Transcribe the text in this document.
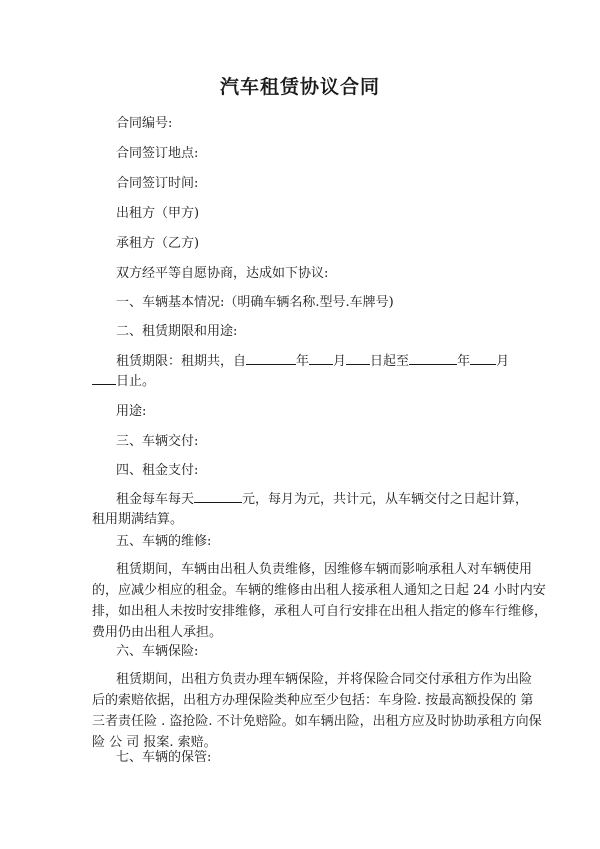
汽车租赁协议合同
合同编号:
合同签订地点:
合同签订时间:
出租方（甲方)
承租方（乙方)
双方经平等自愿协商，达成如下协议:
一、车辆基本情况:（明确车辆名称.型号.车牌号)
二、租赁期限和用途:
租赁期限：租期共，自	年 月 日起至	年 月
日止。
用途:
三、车辆交付:
四、租金支付:
租金每车每天	元，每月为元，共计元，从车辆交付之日起计算，
租用期满结算。
五、车辆的维修:
租赁期间，车辆由出租人负责维修，因维修车辆而影响承租人对车辆使用
的，应减少相应的租金。车辆的维修由出租人接承租人通知之日起 24 小时内安
排，如出租人未按时安排维修，承租人可自行安排在出租人指定的修车行维修，
费用仍由出租人承担。
六、车辆保险:
租赁期间，出租方负责办理车辆保险，并将保险合同交付承租方作为出险
后的索赔依据，出租方办理保险类种应至少包括：车身险. 按最高额投保的 第
三者责任险 . 盗抢险. 不计免赔险。如车辆出险，出租方应及时协助承租方向保
险 公 司 报案. 索赔。
七、车辆的保管:
